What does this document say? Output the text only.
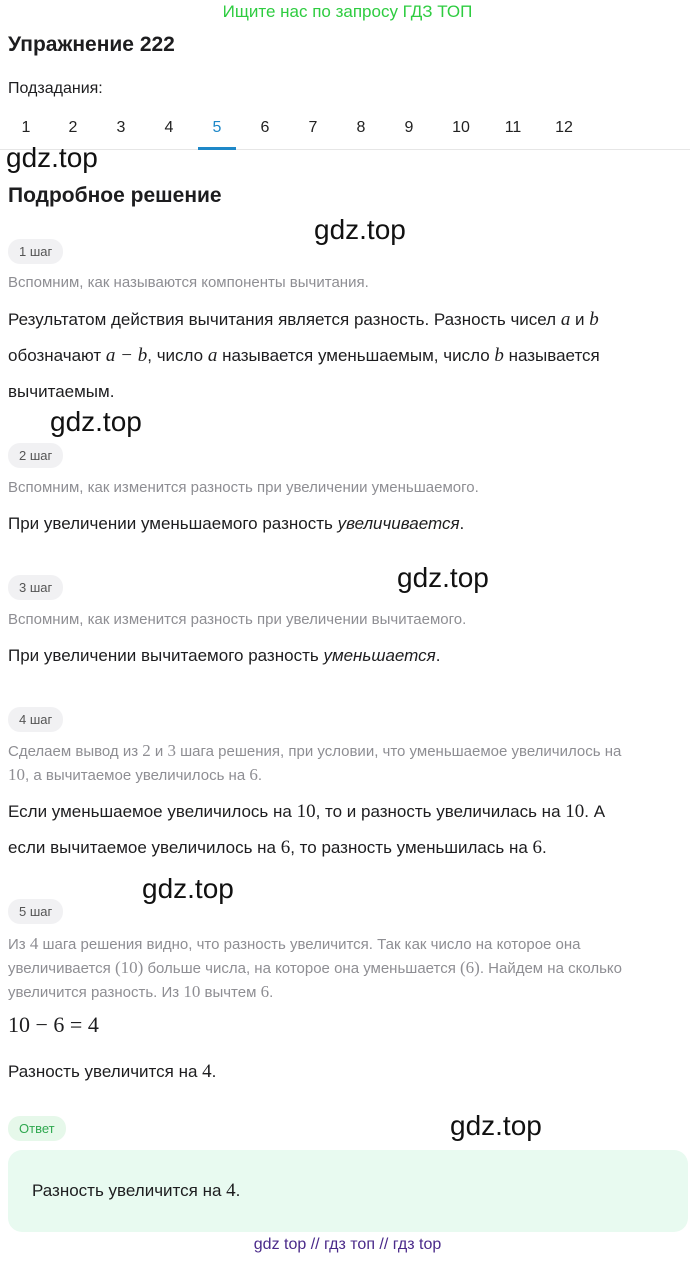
Ищите нас по запросу ГДЗ ТОП
Упражнение 222
Подзадания:
1	2	3	4	5	6	7	8	9	10	11	12
gdz.top
Подробное решение
gdz.top
1 шаг
Вспомним, как называются компоненты вычитания.
Результатом действия вычитания является разность. Разность чисел a и b
обозначают a − b, число a называется уменьшаемым, число b называется
вычитаемым.
gdz.top
2 шаг
Вспомним, как изменится разность при увеличении уменьшаемого.
При увеличении уменьшаемого разность увеличивается.
gdz.top
3 шаг
Вспомним, как изменится разность при увеличении вычитаемого.
При увеличении вычитаемого разность уменьшается.
4 шаг
Сделаем вывод из 2 и 3 шага решения, при условии, что уменьшаемое увеличилось на
10, а вычитаемое увеличилось на 6.
Если уменьшаемое увеличилось на 10, то и разность увеличилась на 10. А
если вычитаемое увеличилось на 6, то разность уменьшилась на 6.
gdz.top
5 шаг
Из 4 шага решения видно, что разность увеличится. Так как число на которое она
увеличивается (10) больше числа, на которое она уменьшается (6). Найдем на сколько
увеличится разность. Из 10 вычтем 6.
10 − 6 = 4
Разность увеличится на 4.
Ответ	gdz.top
Разность увеличится на 4.
gdz top // гдз топ // гдз top
